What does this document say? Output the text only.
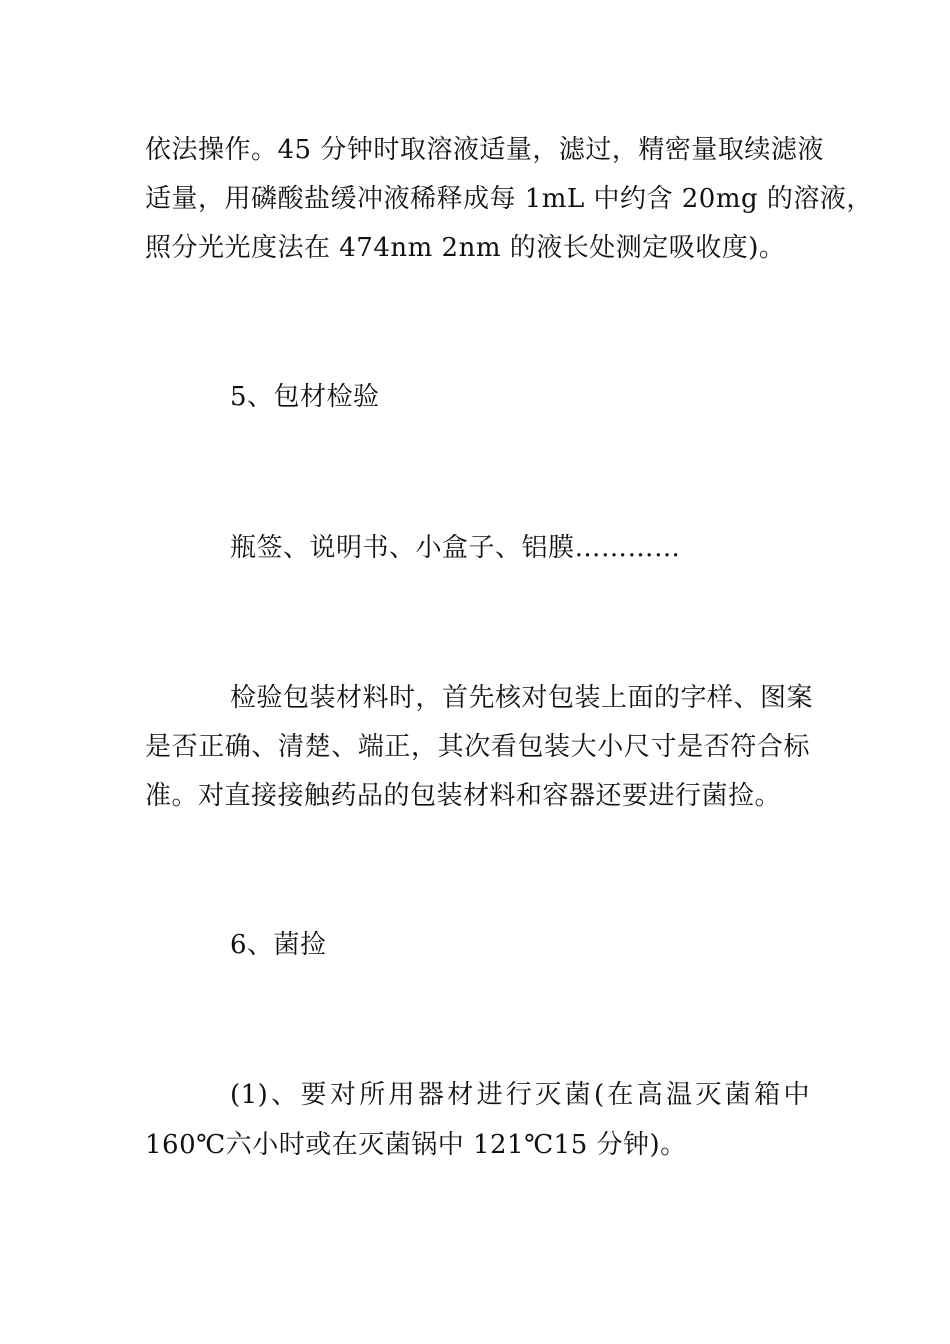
依法操作。45 分钟时取溶液适量，滤过，精密量取续滤液
适量，用磷酸盐缓冲液稀释成每 1mL 中约含 20mg 的溶液，
照分光光度法在 474nm 2nm 的液长处测定吸收度)。
5、包材检验
瓶签、说明书、小盒子、铝膜…………
检验包装材料时，首先核对包装上面的字样、图案
是否正确、清楚、端正，其次看包装大小尺寸是否符合标
准。对直接接触药品的包装材料和容器还要进行菌捡。
6、菌捡
(1)、要对所用器材进行灭菌(在高温灭菌箱中
160℃六小时或在灭菌锅中 121℃15 分钟)。
